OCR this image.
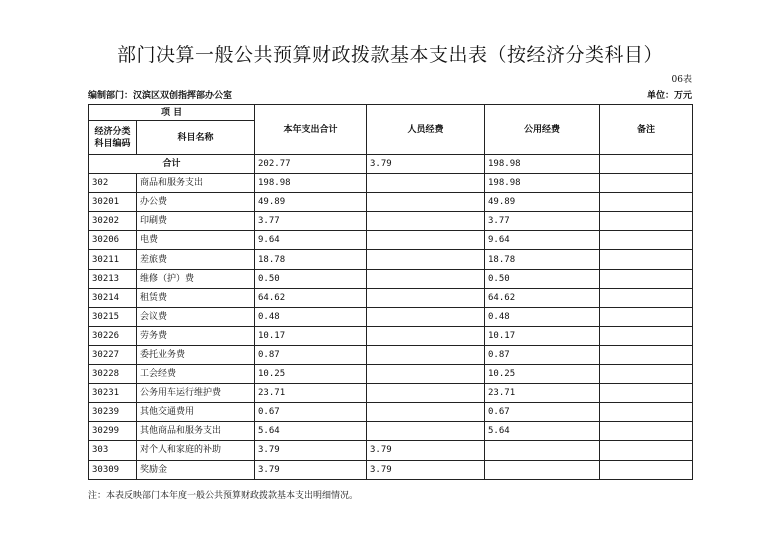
部门决算一般公共预算财政拨款基本支出表（按经济分类科目）
06表
编制部门：汉滨区双创指挥部办公室	单位：万元
项 目		本年支出合计	人员经费	公用经费	备注
经济分类
科目编码	科目名称				
合计		202.77	3.79	198.98	
302	商品和服务支出	198.98		198.98	
30201	办公费	49.89		49.89	
30202	印刷费	3.77		3.77	
30206	电费	9.64		9.64	
30211	差旅费	18.78		18.78	
30213	维修（护）费	0.50		0.50	
30214	租赁费	64.62		64.62	
30215	会议费	0.48		0.48	
30226	劳务费	10.17		10.17	
30227	委托业务费	0.87		0.87	
30228	工会经费	10.25		10.25	
30231	公务用车运行维护费	23.71		23.71	
30239	其他交通费用	0.67		0.67	
30299	其他商品和服务支出	5.64		5.64	
303	对个人和家庭的补助	3.79	3.79		
30309	奖励金	3.79	3.79		
注：本表反映部门本年度一般公共预算财政拨款基本支出明细情况。
